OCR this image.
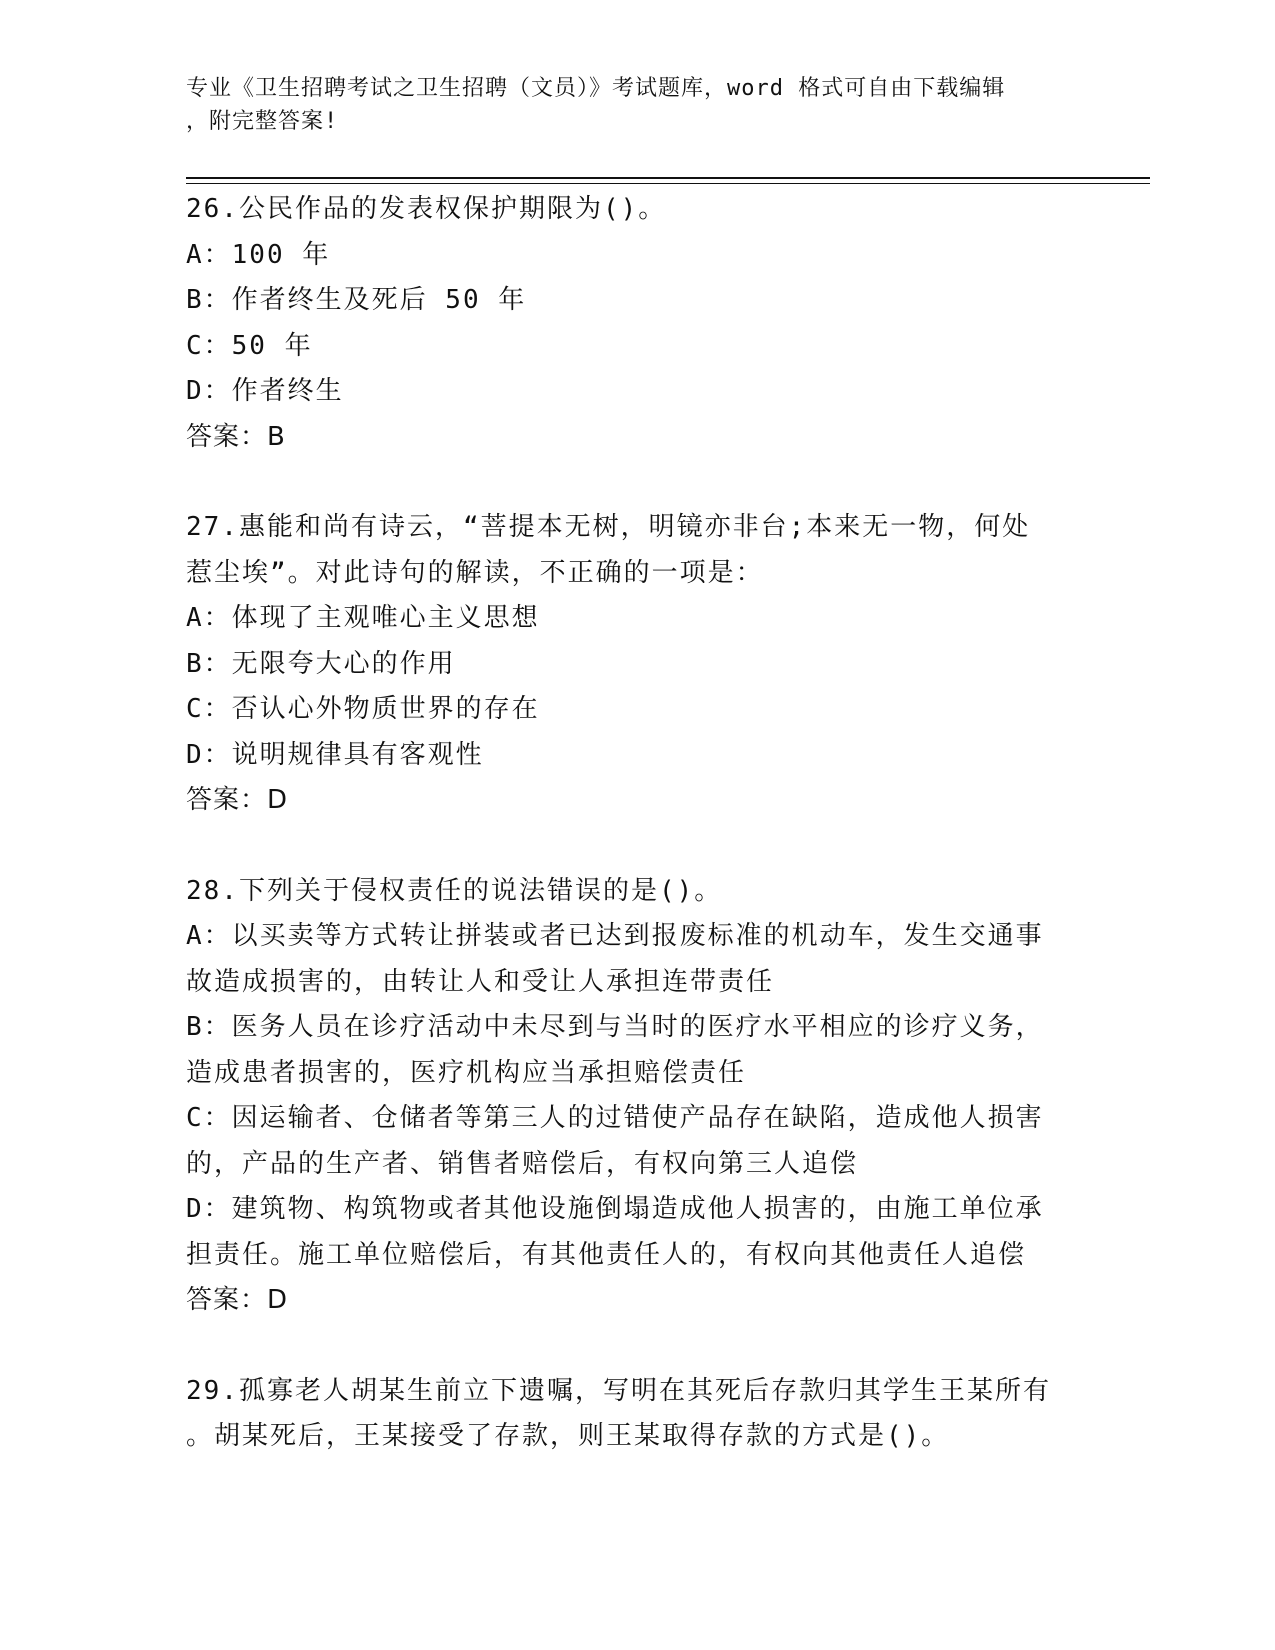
专业《卫生招聘考试之卫生招聘（文员）》考试题库，word 格式可自由下载编辑
，附完整答案!
26.公民作品的发表权保护期限为()。
A：100 年
B：作者终生及死后 50 年
C：50 年
D：作者终生
答案：B
27.惠能和尚有诗云，“菩提本无树，明镜亦非台;本来无一物，何处
惹尘埃”。对此诗句的解读，不正确的一项是：
A：体现了主观唯心主义思想
B：无限夸大心的作用
C：否认心外物质世界的存在
D：说明规律具有客观性
答案：D
28.下列关于侵权责任的说法错误的是()。
A：以买卖等方式转让拼装或者已达到报废标准的机动车，发生交通事
故造成损害的，由转让人和受让人承担连带责任
B：医务人员在诊疗活动中未尽到与当时的医疗水平相应的诊疗义务，
造成患者损害的，医疗机构应当承担赔偿责任
C：因运输者、仓储者等第三人的过错使产品存在缺陷，造成他人损害
的，产品的生产者、销售者赔偿后，有权向第三人追偿
D：建筑物、构筑物或者其他设施倒塌造成他人损害的，由施工单位承
担责任。施工单位赔偿后，有其他责任人的，有权向其他责任人追偿
答案：D
29.孤寡老人胡某生前立下遗嘱，写明在其死后存款归其学生王某所有
。胡某死后，王某接受了存款，则王某取得存款的方式是()。
